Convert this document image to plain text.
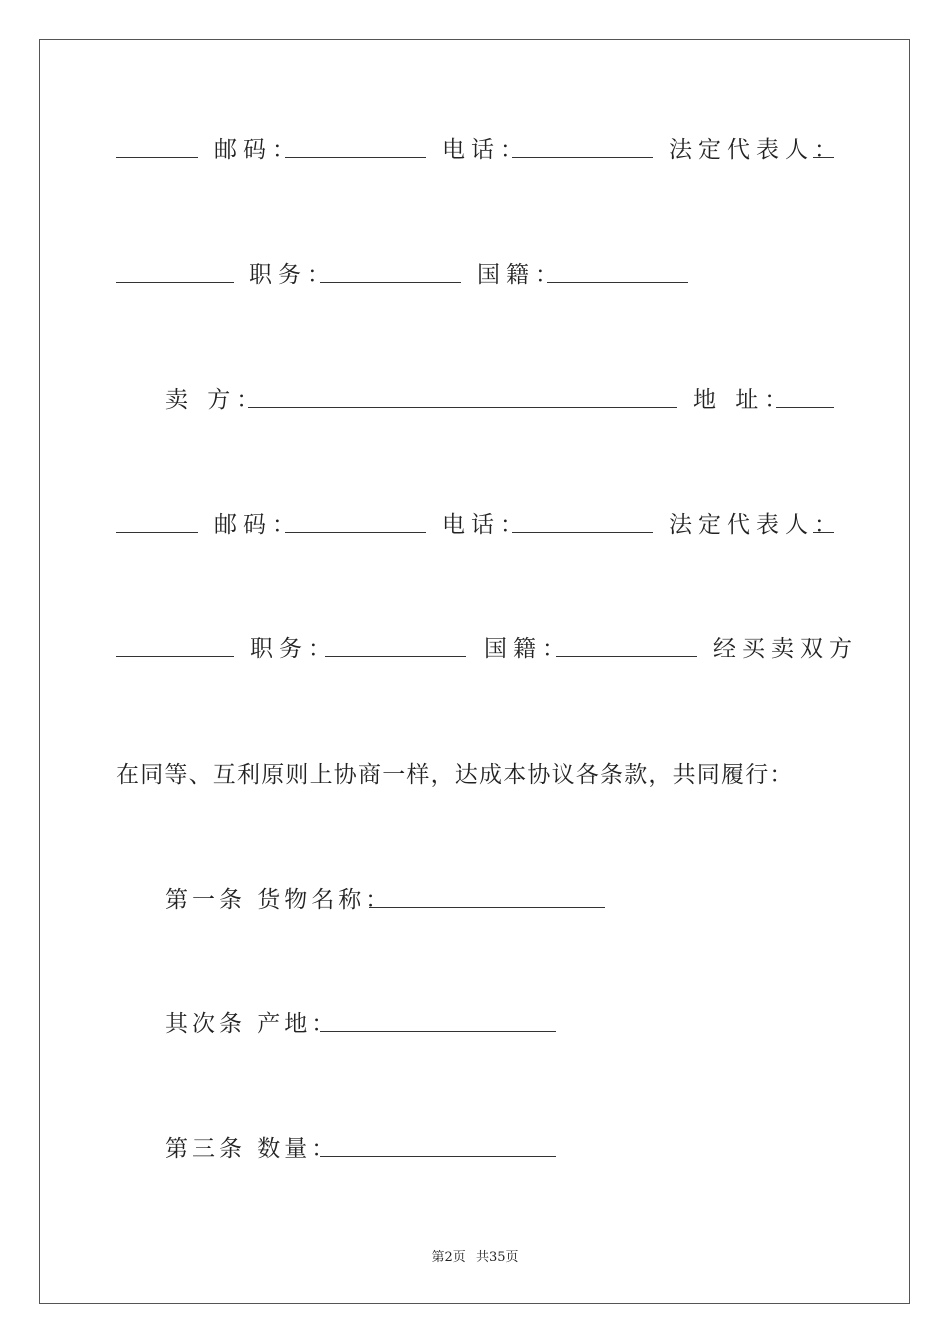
邮码：	电话：	法定代表人：
职务：	国籍：
卖 方：	地 址：
邮码：	电话：	法定代表人：
职务：	国籍：	经买卖双方
在同等、互利原则上协商一样，达成本协议各条款，共同履行：
第一条 货物名称：
其次条 产地：
第三条 数量：
第2页 共35页
